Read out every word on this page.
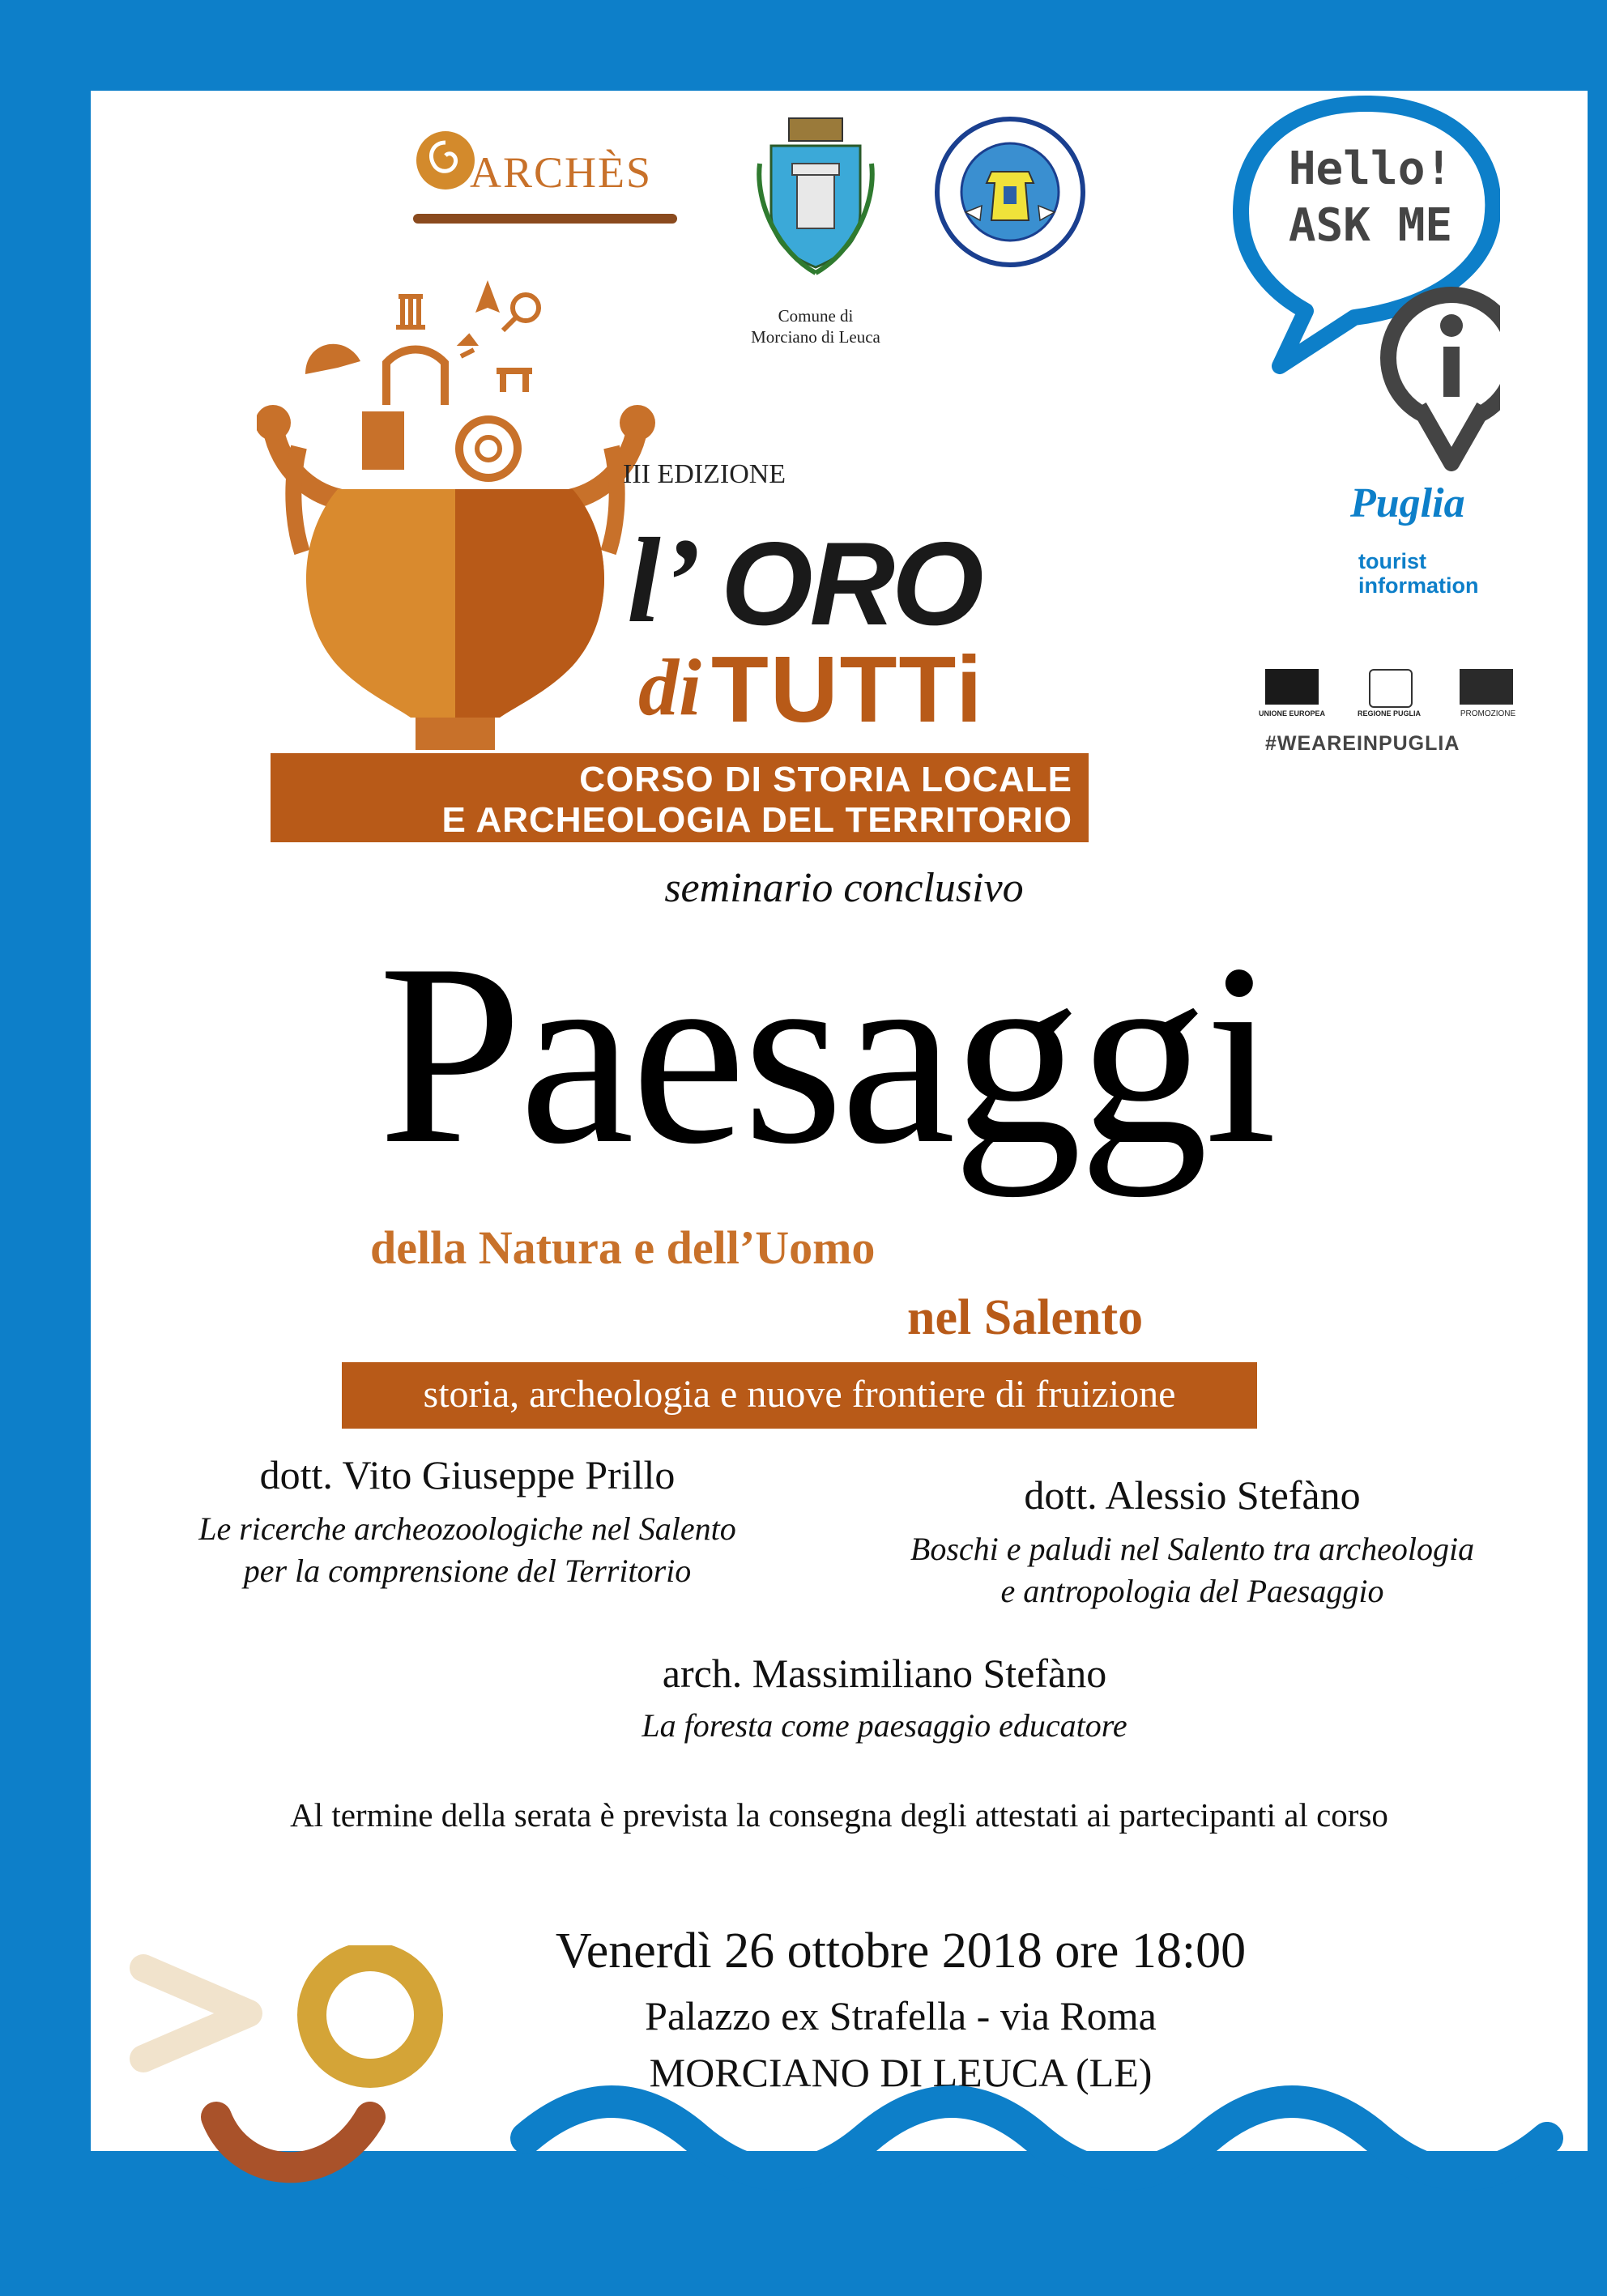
ARCHÈS
Comune di
Morciano di Leuca
Hello!
ASK ME
Puglia
tourist
information
UNIONE EUROPEA	REGIONE PUGLIA	PROMOZIONE
#WEAREINPUGLIA
III EDIZIONE
l’ ORO
di TUTTi
CORSO DI STORIA LOCALE
E ARCHEOLOGIA DEL TERRITORIO
seminario conclusivo
Paesaggi
della Natura e dell’Uomo
nel Salento
storia, archeologia e nuove frontiere di fruizione
dott. Vito Giuseppe Prillo
Le ricerche archeozoologiche nel Salento
per la comprensione del Territorio
dott. Alessio Stefàno
Boschi e paludi nel Salento tra archeologia
e antropologia del Paesaggio
arch. Massimiliano Stefàno
La foresta come paesaggio educatore
Al termine della serata è prevista la consegna degli attestati ai partecipanti al corso
Venerdì 26 ottobre 2018 ore 18:00
Palazzo ex Strafella - via Roma
MORCIANO DI LEUCA (LE)
